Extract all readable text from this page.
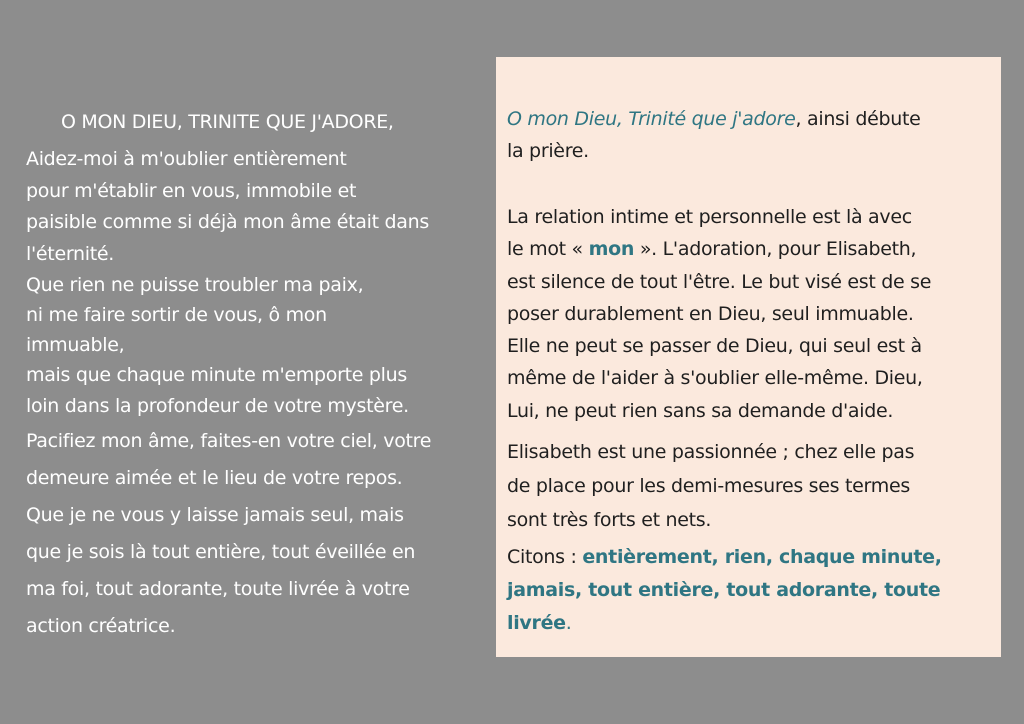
O MON DIEU, TRINITE QUE J'ADORE,

Aidez-moi à m'oublier entièrement
pour m'établir en vous, immobile et
paisible comme si déjà mon âme était dans
l'éternité.

Que rien ne puisse troubler ma paix,
ni me faire sortir de vous, ô mon
immuable,

mais que chaque minute m'emporte plus
loin dans la profondeur de votre mystère.

Pacifiez mon âme, faites-en votre ciel, votre
demeure aimée et le lieu de votre repos.

Que je ne vous y laisse jamais seul, mais
que je sois là tout entière, tout éveillée en
ma foi, tout adorante, toute livrée à votre
action créatrice.

O mon Dieu, Trinité que j'adore, ainsi débute
la prière.

La relation intime et personnelle est là avec
le mot « mon ». L'adoration, pour Elisabeth,
est silence de tout l'être. Le but visé est de se
poser durablement en Dieu, seul immuable.
Elle ne peut se passer de Dieu, qui seul est à
même de l'aider à s'oublier elle-même. Dieu,
Lui, ne peut rien sans sa demande d'aide.

Elisabeth est une passionnée ; chez elle pas
de place pour les demi-mesures ses termes
sont très forts et nets.

Citons : entièrement, rien, chaque minute,
jamais, tout entière, tout adorante, toute
livrée.
